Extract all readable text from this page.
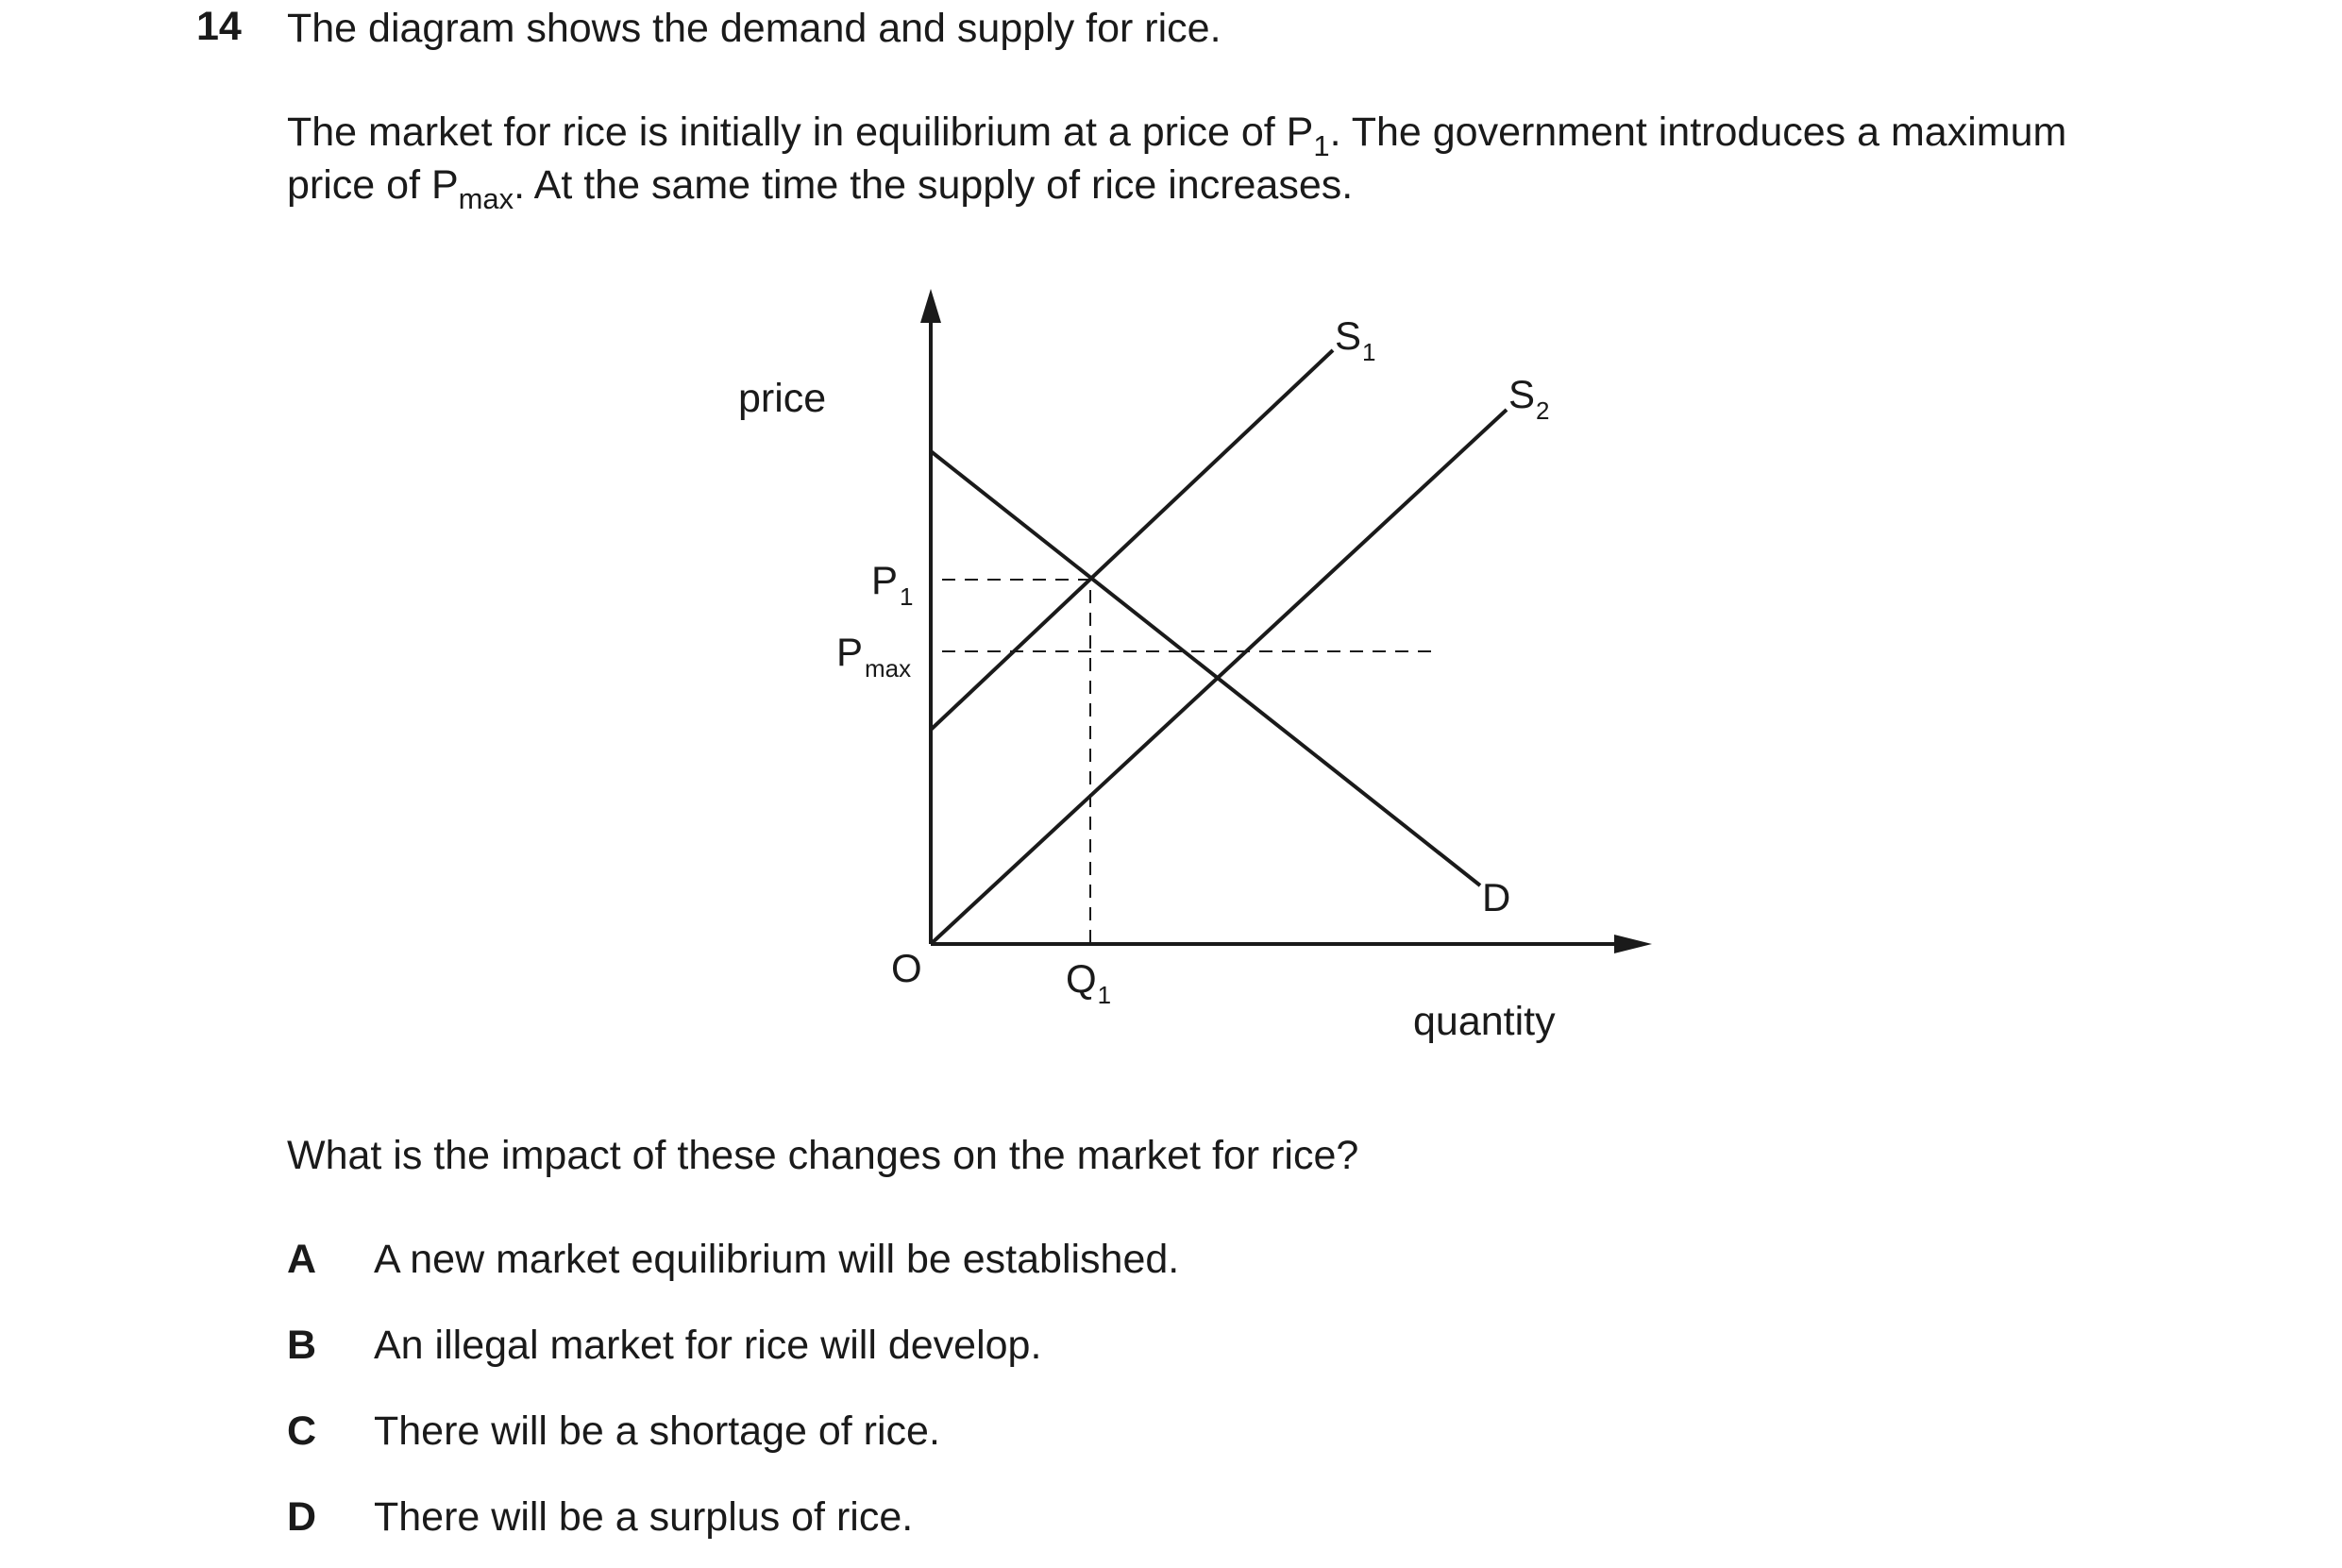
14 The diagram shows the demand and supply for rice.
The market for rice is initially in equilibrium at a price of $P_1$. The government introduces a maximum
price of $P_{max}$. At the same time the supply of rice increases.
price
quantity
O
$P_1$
$P_{max}$
$Q_1$
$S_1$
$S_2$
D
What is the impact of these changes on the market for rice?
A A new market equilibrium will be established.
B An illegal market for rice will develop.
C There will be a shortage of rice.
D There will be a surplus of rice.
